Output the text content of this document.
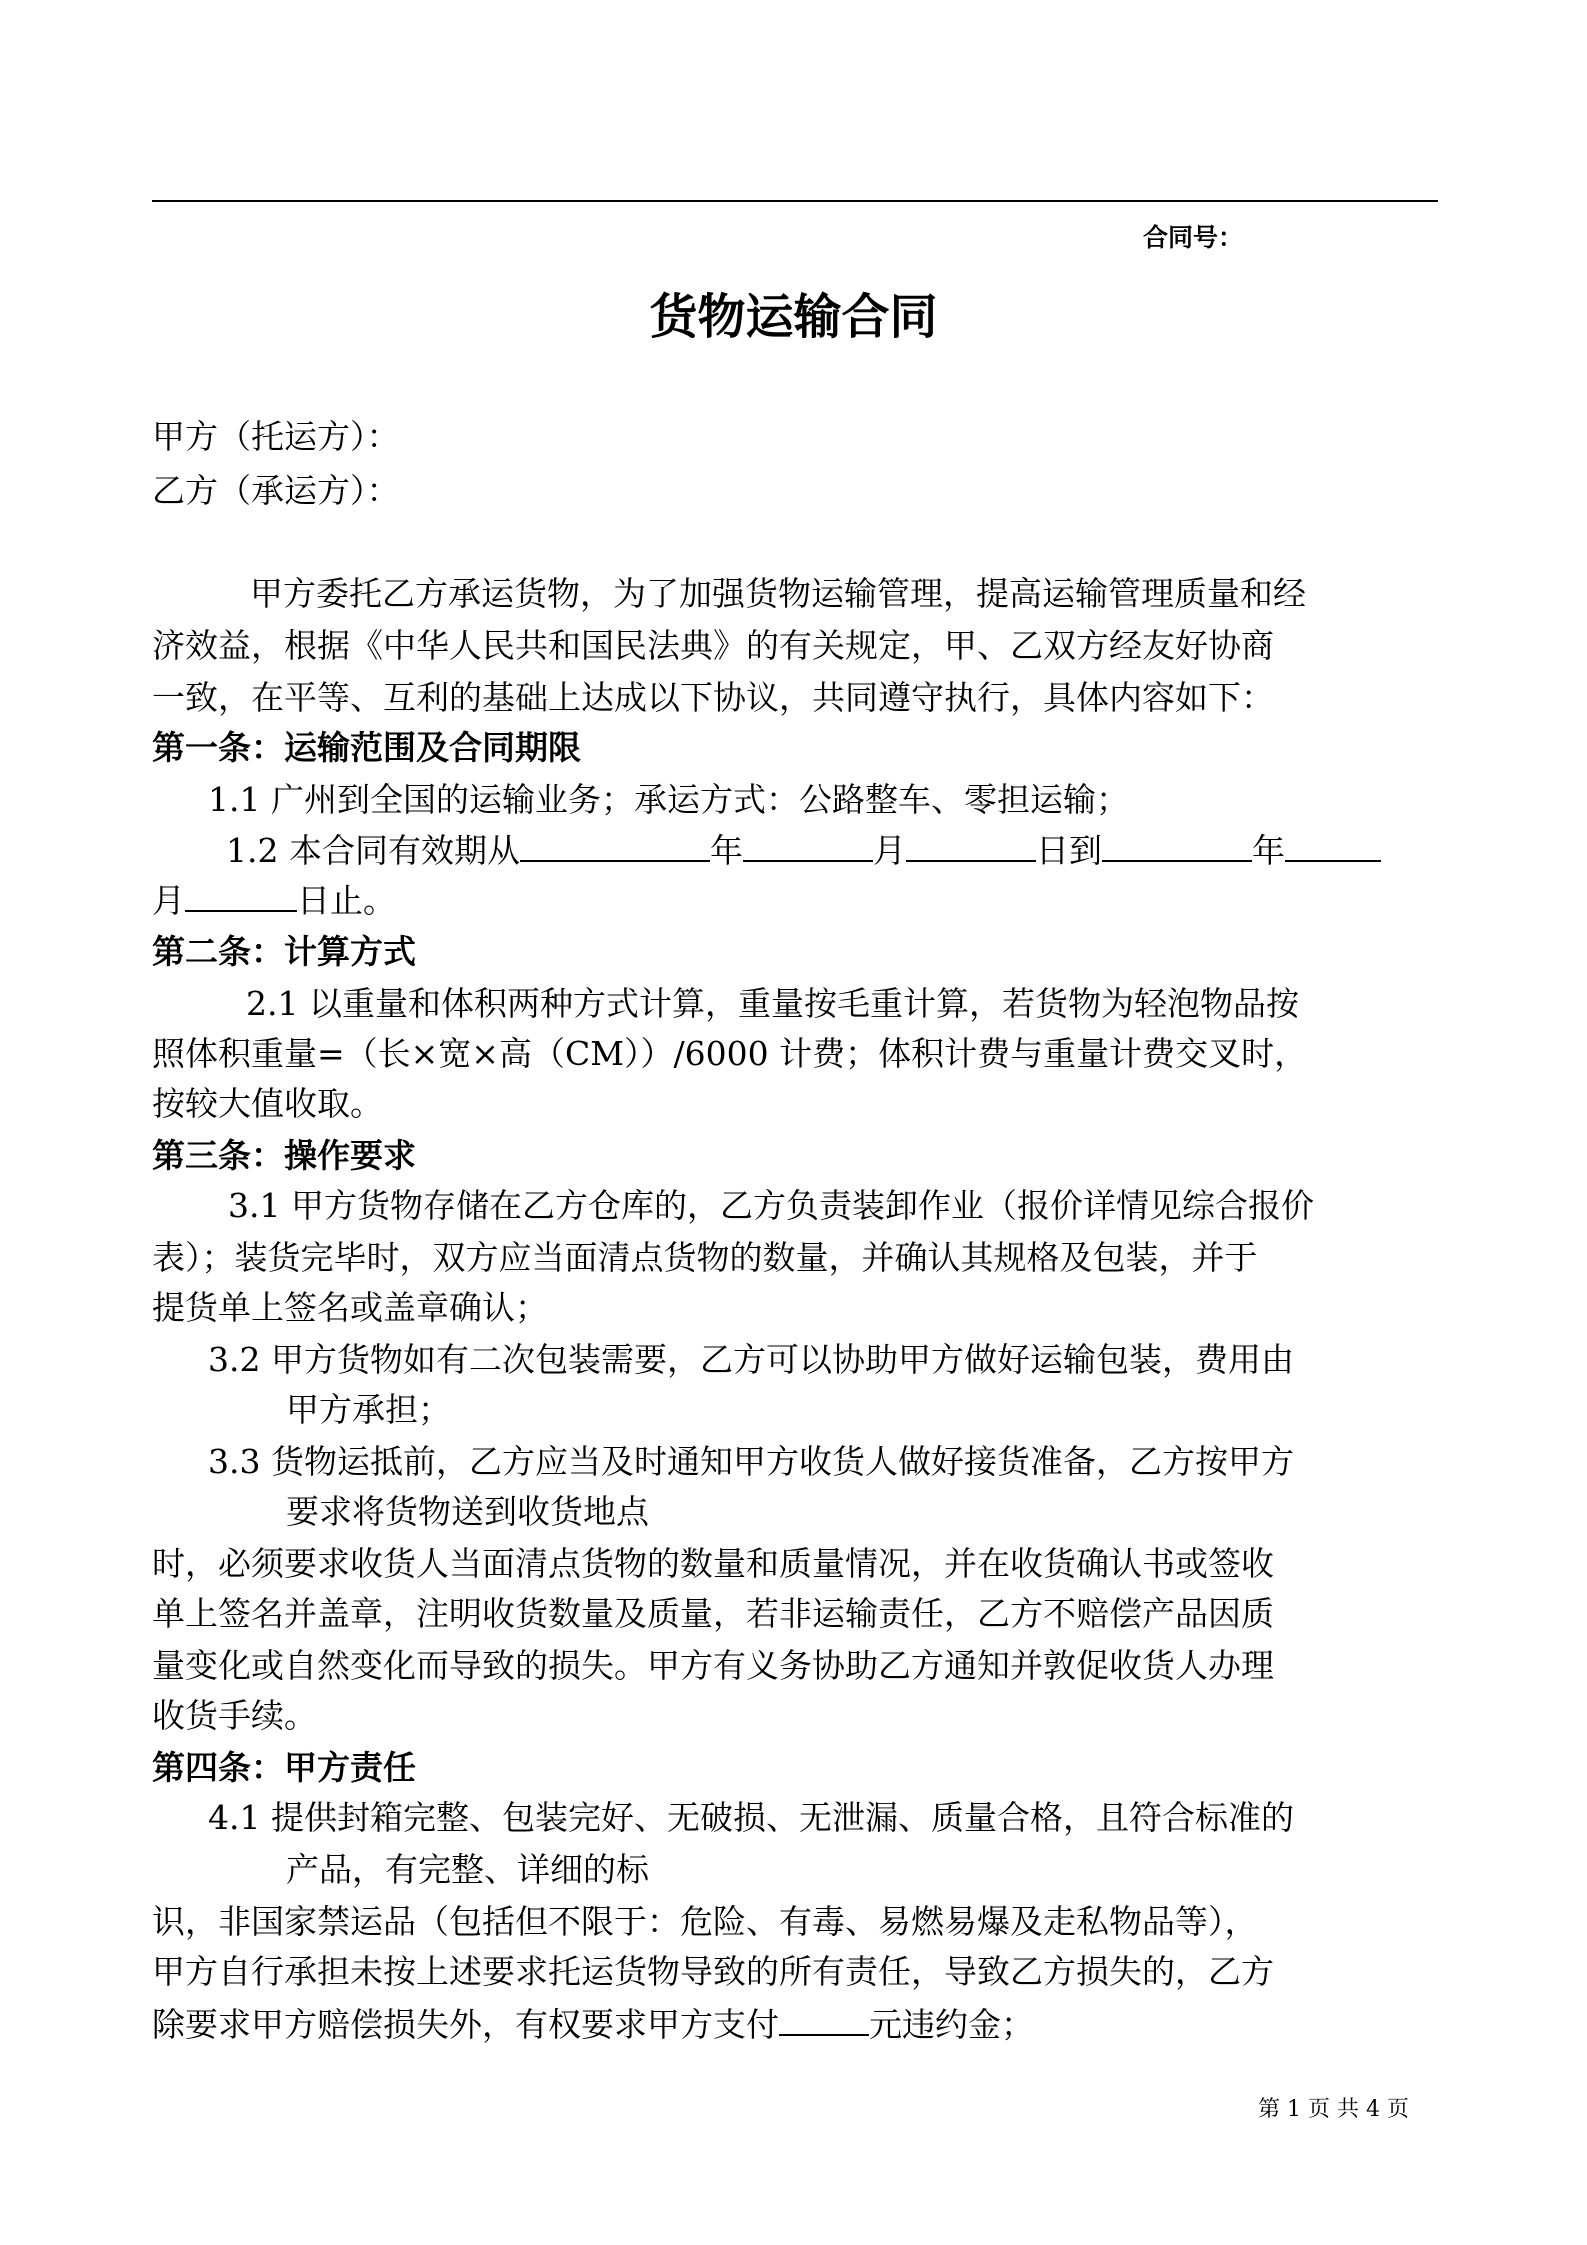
合同号：
货物运输合同
甲方（托运方）：
乙方（承运方）：
甲方委托乙方承运货物，为了加强货物运输管理，提高运输管理质量和经
济效益，根据《中华人民共和国民法典》的有关规定，甲、乙双方经友好协商
一致，在平等、互利的基础上达成以下协议，共同遵守执行，具体内容如下：
第一条：运输范围及合同期限
1.1 广州到全国的运输业务；承运方式：公路整车、零担运输；
1.2 本合同有效期从	年	月	日到	年
月	日止。
第二条：计算方式
2.1 以重量和体积两种方式计算，重量按毛重计算，若货物为轻泡物品按
照体积重量=（长×宽×高（CM））/6000 计费；体积计费与重量计费交叉时，
按较大值收取。
第三条：操作要求
3.1 甲方货物存储在乙方仓库的，乙方负责装卸作业（报价详情见综合报价
表）；装货完毕时，双方应当面清点货物的数量，并确认其规格及包装，并于
提货单上签名或盖章确认；
3.2 甲方货物如有二次包装需要，乙方可以协助甲方做好运输包装，费用由
甲方承担；
3.3 货物运抵前，乙方应当及时通知甲方收货人做好接货准备，乙方按甲方
要求将货物送到收货地点
时，必须要求收货人当面清点货物的数量和质量情况，并在收货确认书或签收
单上签名并盖章，注明收货数量及质量，若非运输责任，乙方不赔偿产品因质
量变化或自然变化而导致的损失。甲方有义务协助乙方通知并敦促收货人办理
收货手续。
第四条：甲方责任
4.1 提供封箱完整、包装完好、无破损、无泄漏、质量合格，且符合标准的
产品，有完整、详细的标
识，非国家禁运品（包括但不限于：危险、有毒、易燃易爆及走私物品等），
甲方自行承担未按上述要求托运货物导致的所有责任，导致乙方损失的，乙方
除要求甲方赔偿损失外，有权要求甲方支付	元违约金；
第 1 页 共 4 页
